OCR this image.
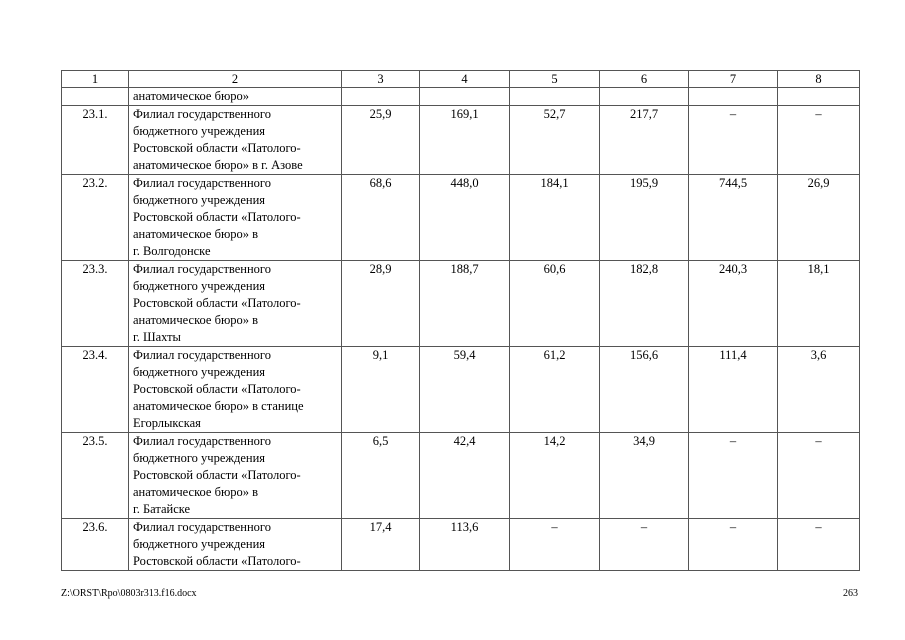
1	2	3	4	5	6	7	8
	анатомическое бюро»						
23.1.	Филиал государственного
бюджетного учреждения
Ростовской области «Патолого-
анатомическое бюро» в г. Азове	25,9	169,1	52,7	217,7	–	–
23.2.	Филиал государственного
бюджетного учреждения
Ростовской области «Патолого-
анатомическое бюро» в
г. Волгодонске	68,6	448,0	184,1	195,9	744,5	26,9
23.3.	Филиал государственного
бюджетного учреждения
Ростовской области «Патолого-
анатомическое бюро» в
г. Шахты	28,9	188,7	60,6	182,8	240,3	18,1
23.4.	Филиал государственного
бюджетного учреждения
Ростовской области «Патолого-
анатомическое бюро» в станице
Егорлыкская	9,1	59,4	61,2	156,6	111,4	3,6
23.5.	Филиал государственного
бюджетного учреждения
Ростовской области «Патолого-
анатомическое бюро» в
г. Батайске	6,5	42,4	14,2	34,9	–	–
23.6.	Филиал государственного
бюджетного учреждения
Ростовской области «Патолого-	17,4	113,6	–	–	–	–
Z:\ORST\Rpo\0803r313.f16.docx	263
